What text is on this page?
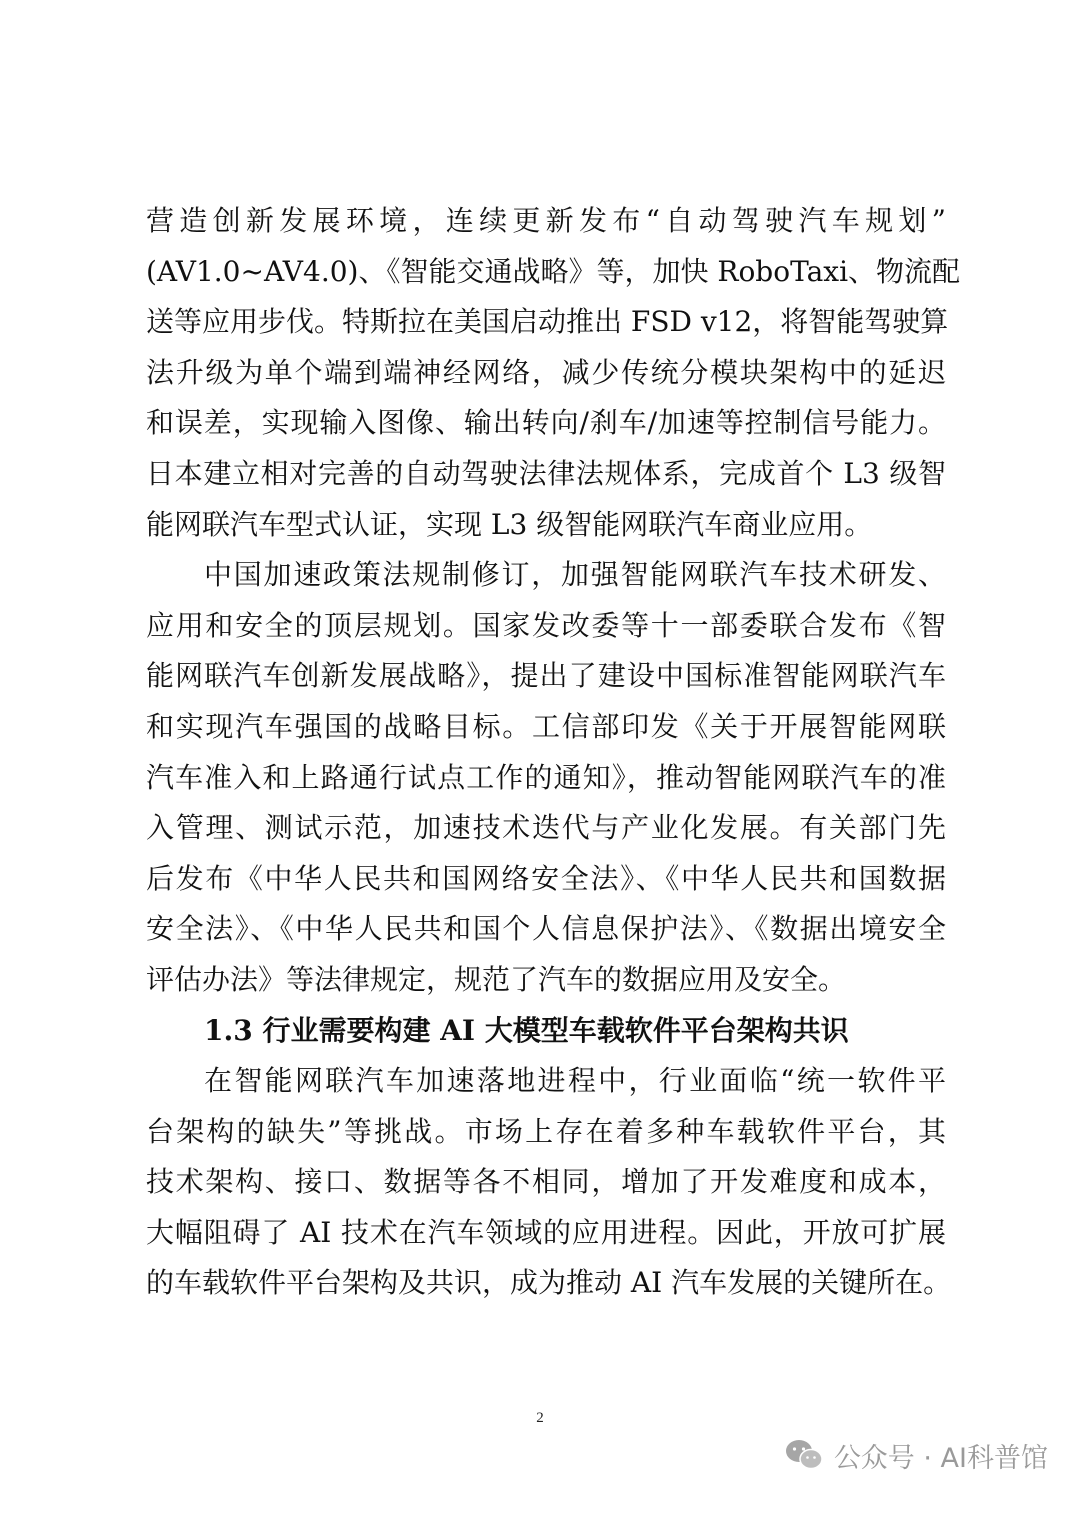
营造创新发展环境，连续更新发布“自动驾驶汽车规划”
(AV1.0~AV4.0)、《智能交通战略》等，加快 RoboTaxi、物流配
送等应用步伐。特斯拉在美国启动推出 FSD v12，将智能驾驶算
法升级为单个端到端神经网络，减少传统分模块架构中的延迟
和误差，实现输入图像、输出转向/刹车/加速等控制信号能力。
日本建立相对完善的自动驾驶法律法规体系，完成首个 L3 级智
能网联汽车型式认证，实现 L3 级智能网联汽车商业应用。
中国加速政策法规制修订，加强智能网联汽车技术研发、
应用和安全的顶层规划。国家发改委等十一部委联合发布《智
能网联汽车创新发展战略》，提出了建设中国标准智能网联汽车
和实现汽车强国的战略目标。工信部印发《关于开展智能网联
汽车准入和上路通行试点工作的通知》，推动智能网联汽车的准
入管理、测试示范，加速技术迭代与产业化发展。有关部门先
后发布《中华人民共和国网络安全法》、《中华人民共和国数据
安全法》、《中华人民共和国个人信息保护法》、《数据出境安全
评估办法》等法律规定，规范了汽车的数据应用及安全。
1.3 行业需要构建 AI 大模型车载软件平台架构共识
在智能网联汽车加速落地进程中，行业面临“统一软件平
台架构的缺失”等挑战。市场上存在着多种车载软件平台，其
技术架构、接口、数据等各不相同，增加了开发难度和成本，
大幅阻碍了 AI 技术在汽车领域的应用进程。因此，开放可扩展
的车载软件平台架构及共识，成为推动 AI 汽车发展的关键所在。
2
公众号 · AI科普馆
